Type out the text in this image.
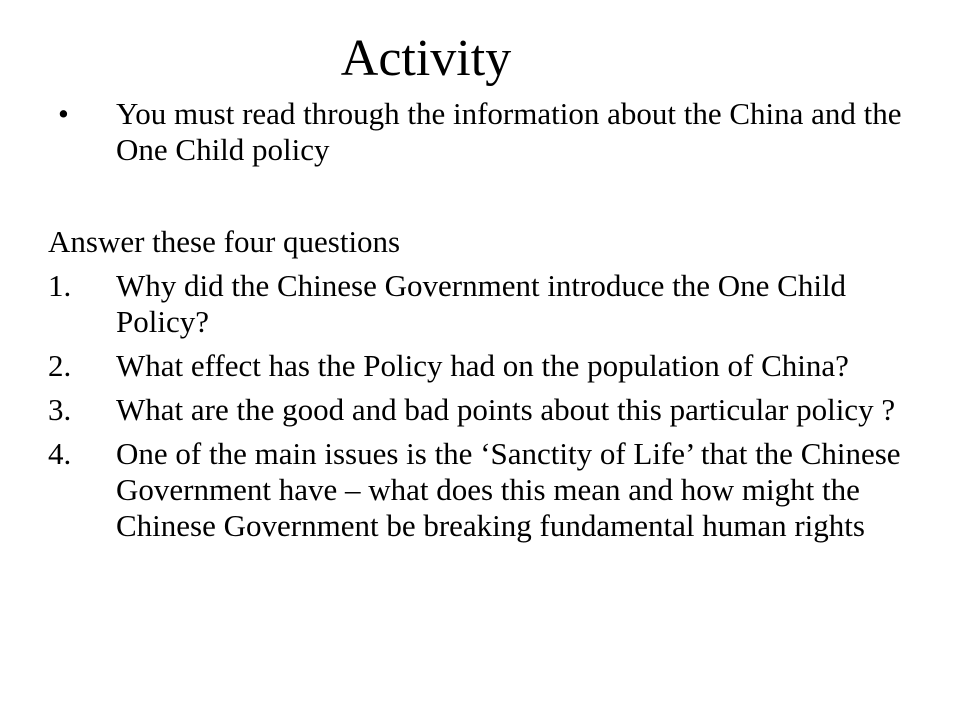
Activity
•	You must read through the information about the China and the One Child policy
Answer these four questions
1.	Why did the Chinese Government introduce the One Child Policy?
2.	What effect has the Policy had on the population of China?
3.	What are the good and bad points about this particular policy ?
4.	One of the main issues is the ‘Sanctity of Life’ that the Chinese Government have – what does this mean and how might the Chinese Government be breaking fundamental human rights
